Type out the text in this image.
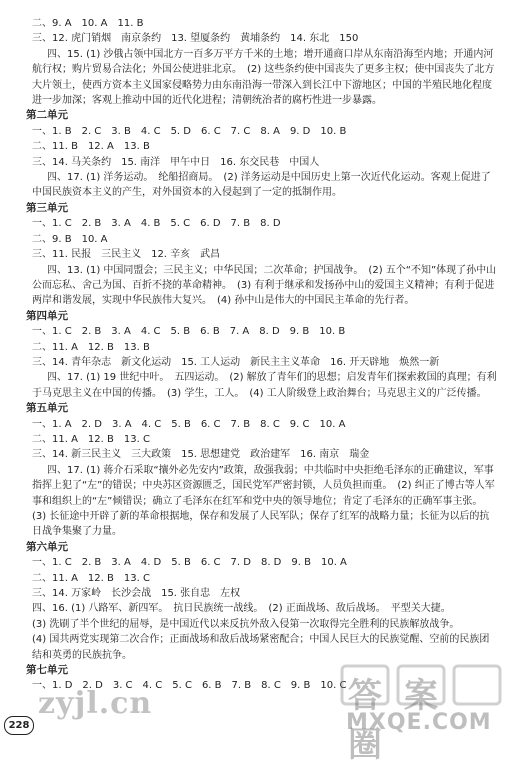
二、9. A　10. A　11. B
三、12. 虎门销烟　南京条约　13. 望厦条约　黄埔条约　14. 东北　150
四、15. (1) 沙俄占领中国北方一百多万平方千米的土地；增开通商口岸从东南沿海至内地；开通内河航行权；购片贸易合法化；外国公使进驻北京。　(2) 这些条约使中国丧失了更多主权；使中国丧失了北方大片领土，使西方资本主义国家侵略势力由东南沿海一带深入到长江中下游地区；中国的半殖民地化程度进一步加深；客观上推动中国的近代化进程；清朝统治者的腐朽性进一步暴露。
第二单元
一、1. B　2. C　3. B　4. C　5. D　6. C　7. C　8. A　9. D　10. B
二、11. B　12. A　13. B
三、14. 马关条约　15. 南洋　甲午中日　16. 东交民巷　中国人
四、17. (1) 洋务运动。　纶船招商局。　(2) 洋务运动是中国历史上第一次近代化运动。客观上促进了中国民族资本主义的产生，对外国资本的入侵起到了一定的抵制作用。
第三单元
一、1. C　2. B　3. A　4. B　5. C　6. D　7. B　8. D
二、9. B　10. A
三、11. 民报　三民主义　12. 辛亥　武昌
四、13. (1) 中国同盟会；三民主义；中华民国；二次革命；护国战争。　(2) 五个“不知”体现了孙中山公而忘私、舍己为国、百折不挠的革命精神。　(3) 有利于继承和发扬孙中山的爱国主义精神；有利于促进两岸和谐发展，实现中华民族伟大复兴。　(4) 孙中山是伟大的中国民主革命的先行者。
第四单元
一、1. C　2. B　3. A　4. C　5. B　6. B　7. A　8. D　9. B　10. B
二、11. A　12. B　13. B
三、14. 青年杂志　新文化运动　15. 工人运动　新民主主义革命　16. 开天辟地　焕然一新
四、17. (1) 19 世纪中叶。　五四运动。　(2) 解放了青年们的思想；启发青年们探索救国的真理；有利于马克思主义在中国的传播。　(3) 学生，工人。　(4) 工人阶级登上政治舞台；马克思主义的广泛传播。
第五单元
一、1. A　2. D　3. A　4. C　5. B　6. C　7. B　8. C　9. C　10. A
二、11. A　12. B　13. C
三、14. 新三民主义　三大政策　15. 思想建党　政治建军　16. 南京　瑞金
四、17. (1) 蒋介石采取“攘外必先安内”政策，敌强我弱；中共临时中央拒绝毛泽东的正确建议，军事指挥上犯了“左”的错误；中央苏区资源匮乏，国民党军严密封锁，人员负担而重。　(2) 纠正了博古等人军事和组织上的“左”倾错误；确立了毛泽东在红军和党中央的领导地位；肯定了毛泽东的正确军事主张。　(3) 长征途中开辟了新的革命根据地，保存和发展了人民军队；保存了红军的战略力量；长征为以后的抗日战争集聚了力量。
第六单元
一、1. C　2. B　3. A　4. D　5. B　6. C　7. D　8. D　9. B　10. A
二、11. A　12. B　13. C
三、14. 万家岭　长沙会战　15. 张自忠　左权
四、16. (1) 八路军、新四军。　抗日民族统一战线。　(2) 正面战场、敌后战场。　平型关大捷。
(3) 洗刷了半个世纪的屈辱，是中国近代以来反抗外敌入侵第一次取得完全胜利的民族解放战争。
(4) 国共两党实现第二次合作；正面战场和敌后战场紧密配合；中国人民巨大的民族觉醒、空前的民族团结和英勇的民族抗争。
第七单元
一、1. D　2. D　3. C　4. C　5. C　6. B　7. B　8. C　9. B　10. C
zyjl.cn	答案圈
MXQE.COM
228
